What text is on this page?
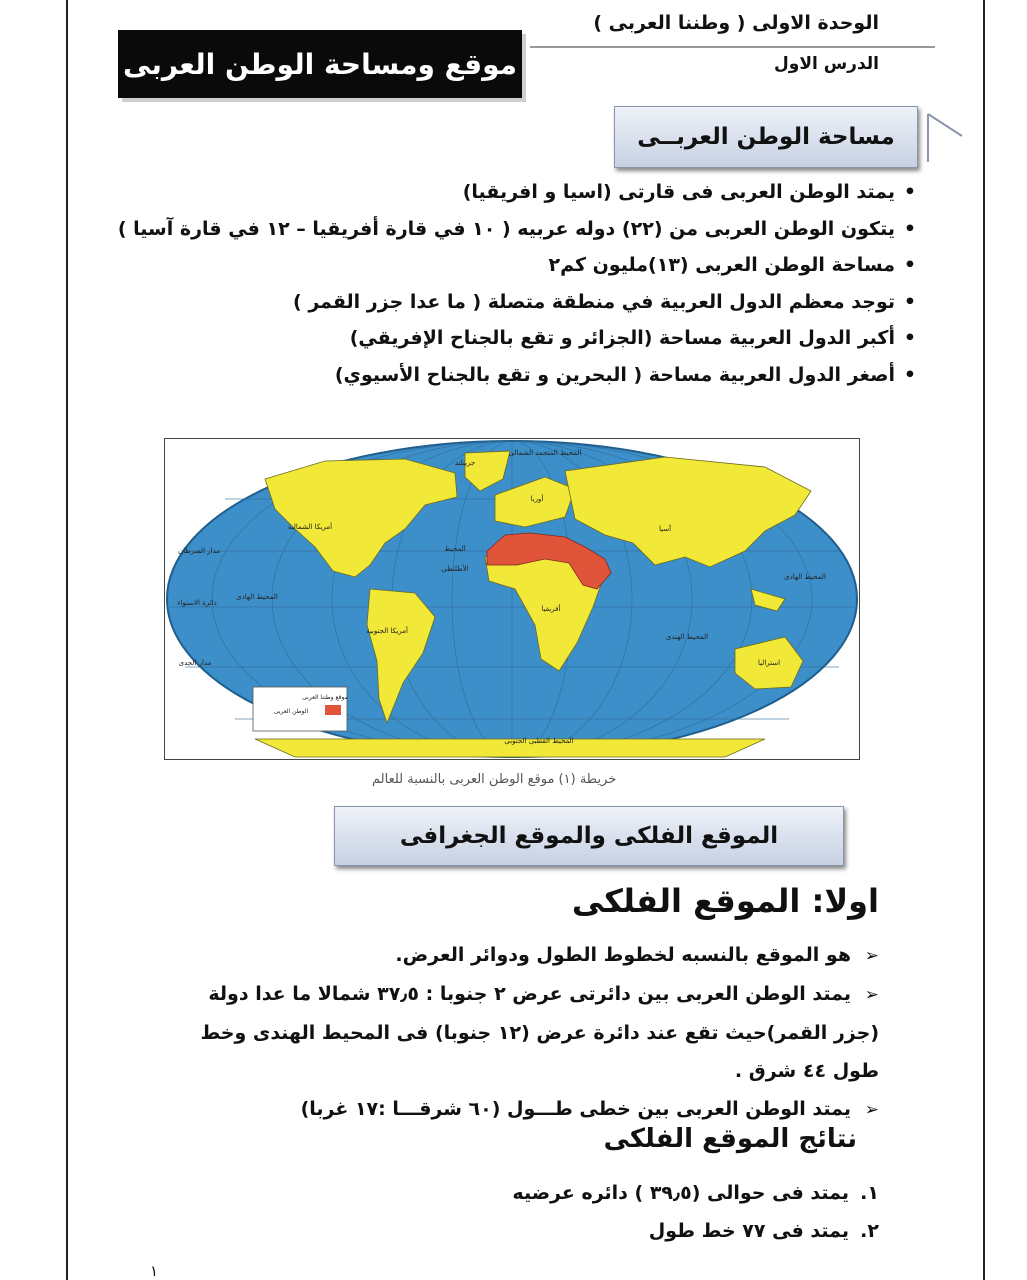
الوحدة الاولى ( وطننا العربى )
الدرس الاول
موقع ومساحة الوطن العربى
مساحة الوطن العربــى
• يمتد الوطن العربى فى قارتى (اسيا و افريقيا)
• يتكون الوطن العربى من (٢٢) دوله عربيه ( ١٠ في قارة أفريقيا – ١٢ في قارة آسيا )
• مساحة الوطن العربى (١٣)مليون كم٢
• توجد معظم الدول العربية في منطقة متصلة ( ما عدا جزر القمر )
• أكبر الدول العربية مساحة (الجزائر و تقع بالجناح الإفريقي)
• أصغر الدول العربية مساحة ( البحرين و تقع بالجناح الأسيوي)
أمريكا الشمالية
أمريكا الجنوبية
أوربا
آسيا
أفريقيا
استراليا
جرينلند
الأطلنطى
المحيط
المحيط الهادى
المحيط الهادى
المحيط الهندى
المحيط المتجمد الشمالى
المحيط القطبى الجنوبى
مدار السرطان
دائرة الاستواء
مدار الجدى
موقع وطننا العربى
الوطن العربى
خريطة (١) موقع الوطن العربى بالنسبة للعالم
الموقع الفلكى والموقع الجغرافى
اولا: الموقع الفلكى
➢ هو الموقع بالنسبه لخطوط الطول ودوائر العرض.
➢ يمتد الوطن العربى بين دائرتى عرض ٢ جنوبا : ٣٧٫٥ شمالا ما عدا دولة (جزر القمر)حيث تقع عند دائرة عرض (١٢ جنوبا) فى المحيط الهندى وخط طول ٤٤ شرق .
➢ يمتد الوطن العربى بين خطى طـــول (٦٠ شرقـــا :١٧ غربا)
نتائج الموقع الفلكى
١.يمتد فى حوالى (٣٩٫٥ ) دائره عرضيه
٢.يمتد فى ٧٧ خط طول
١
